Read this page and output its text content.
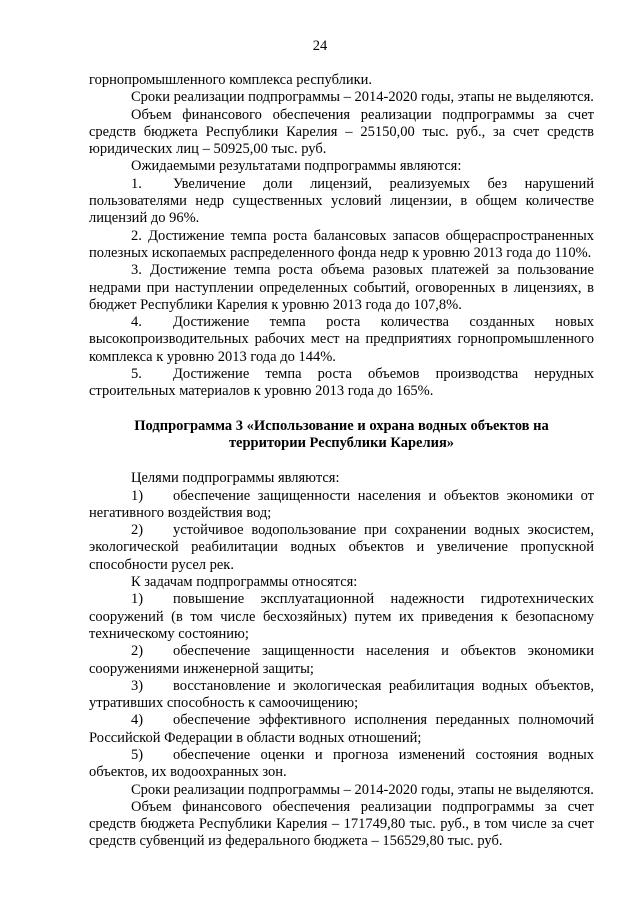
24

горнопромышленного комплекса республики.

Сроки реализации подпрограммы – 2014-2020 годы, этапы не выделяются.

Объем финансового обеспечения реализации подпрограммы за счет средств бюджета Республики Карелия – 25150,00 тыс. руб., за счет средств юридических лиц – 50925,00 тыс. руб.

Ожидаемыми результатами подпрограммы являются:

1. Увеличение доли лицензий, реализуемых без нарушений пользователями недр существенных условий лицензии, в общем количестве лицензий до 96%.

2. Достижение темпа роста балансовых запасов общераспространенных полезных ископаемых распределенного фонда недр к уровню 2013 года до 110%.

3. Достижение темпа роста объема разовых платежей за пользование недрами при наступлении определенных событий, оговоренных в лицензиях, в бюджет Республики Карелия к уровню 2013 года до 107,8%.

4. Достижение темпа роста количества созданных новых высокопроизводительных рабочих мест на предприятиях горнопромышленного комплекса к уровню 2013 года до 144%.

5. Достижение темпа роста объемов производства нерудных строительных материалов к уровню 2013 года до 165%.

Подпрограмма 3 «Использование и охрана водных объектов на территории Республики Карелия»

Целями подпрограммы являются:

1) обеспечение защищенности населения и объектов экономики от негативного воздействия вод;

2) устойчивое водопользование при сохранении водных экосистем, экологической реабилитации водных объектов и увеличение пропускной способности русел рек.

К задачам подпрограммы относятся:

1) повышение эксплуатационной надежности гидротехнических сооружений (в том числе бесхозяйных) путем их приведения к безопасному техническому состоянию;

2) обеспечение защищенности населения и объектов экономики сооружениями инженерной защиты;

3) восстановление и экологическая реабилитация водных объектов, утративших способность к самоочищению;

4) обеспечение эффективного исполнения переданных полномочий Российской Федерации в области водных отношений;

5) обеспечение оценки и прогноза изменений состояния водных объектов, их водоохранных зон.

Сроки реализации подпрограммы – 2014-2020 годы, этапы не выделяются.

Объем финансового обеспечения реализации подпрограммы за счет средств бюджета Республики Карелия – 171749,80 тыс. руб., в том числе за счет средств субвенций из федерального бюджета – 156529,80 тыс. руб.
